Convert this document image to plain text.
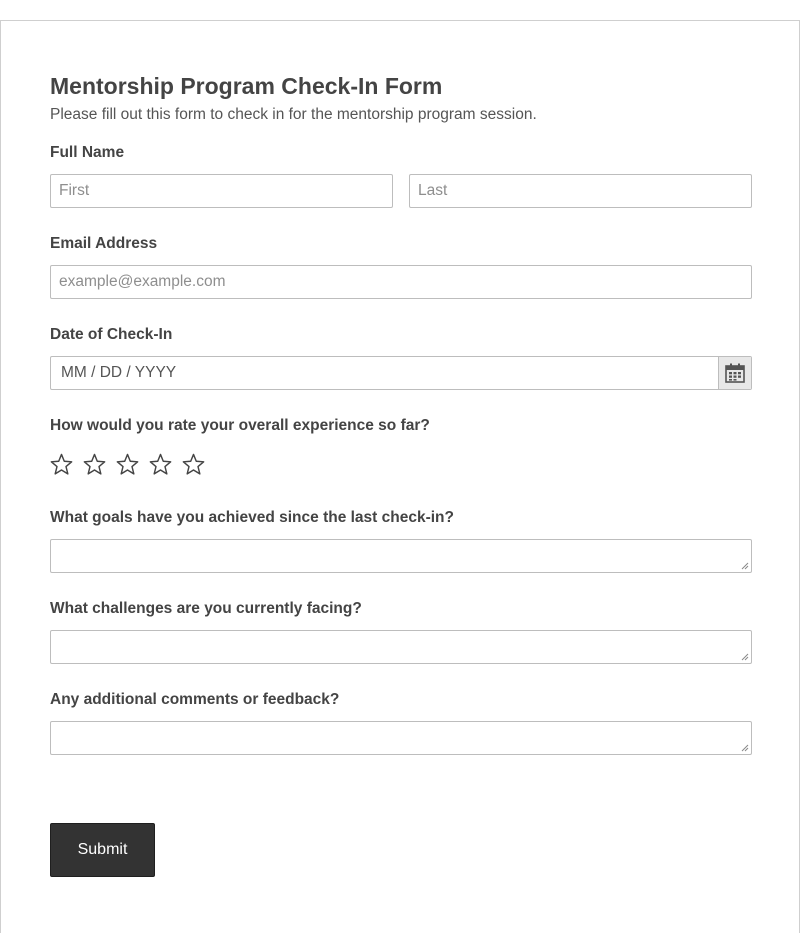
Mentorship Program Check-In Form
Please fill out this form to check in for the mentorship program session.
Full Name
First
Last
Email Address
example@example.com
Date of Check-In
MM / DD / YYYY
How would you rate your overall experience so far?
What goals have you achieved since the last check-in?
What challenges are you currently facing?
Any additional comments or feedback?
Submit
